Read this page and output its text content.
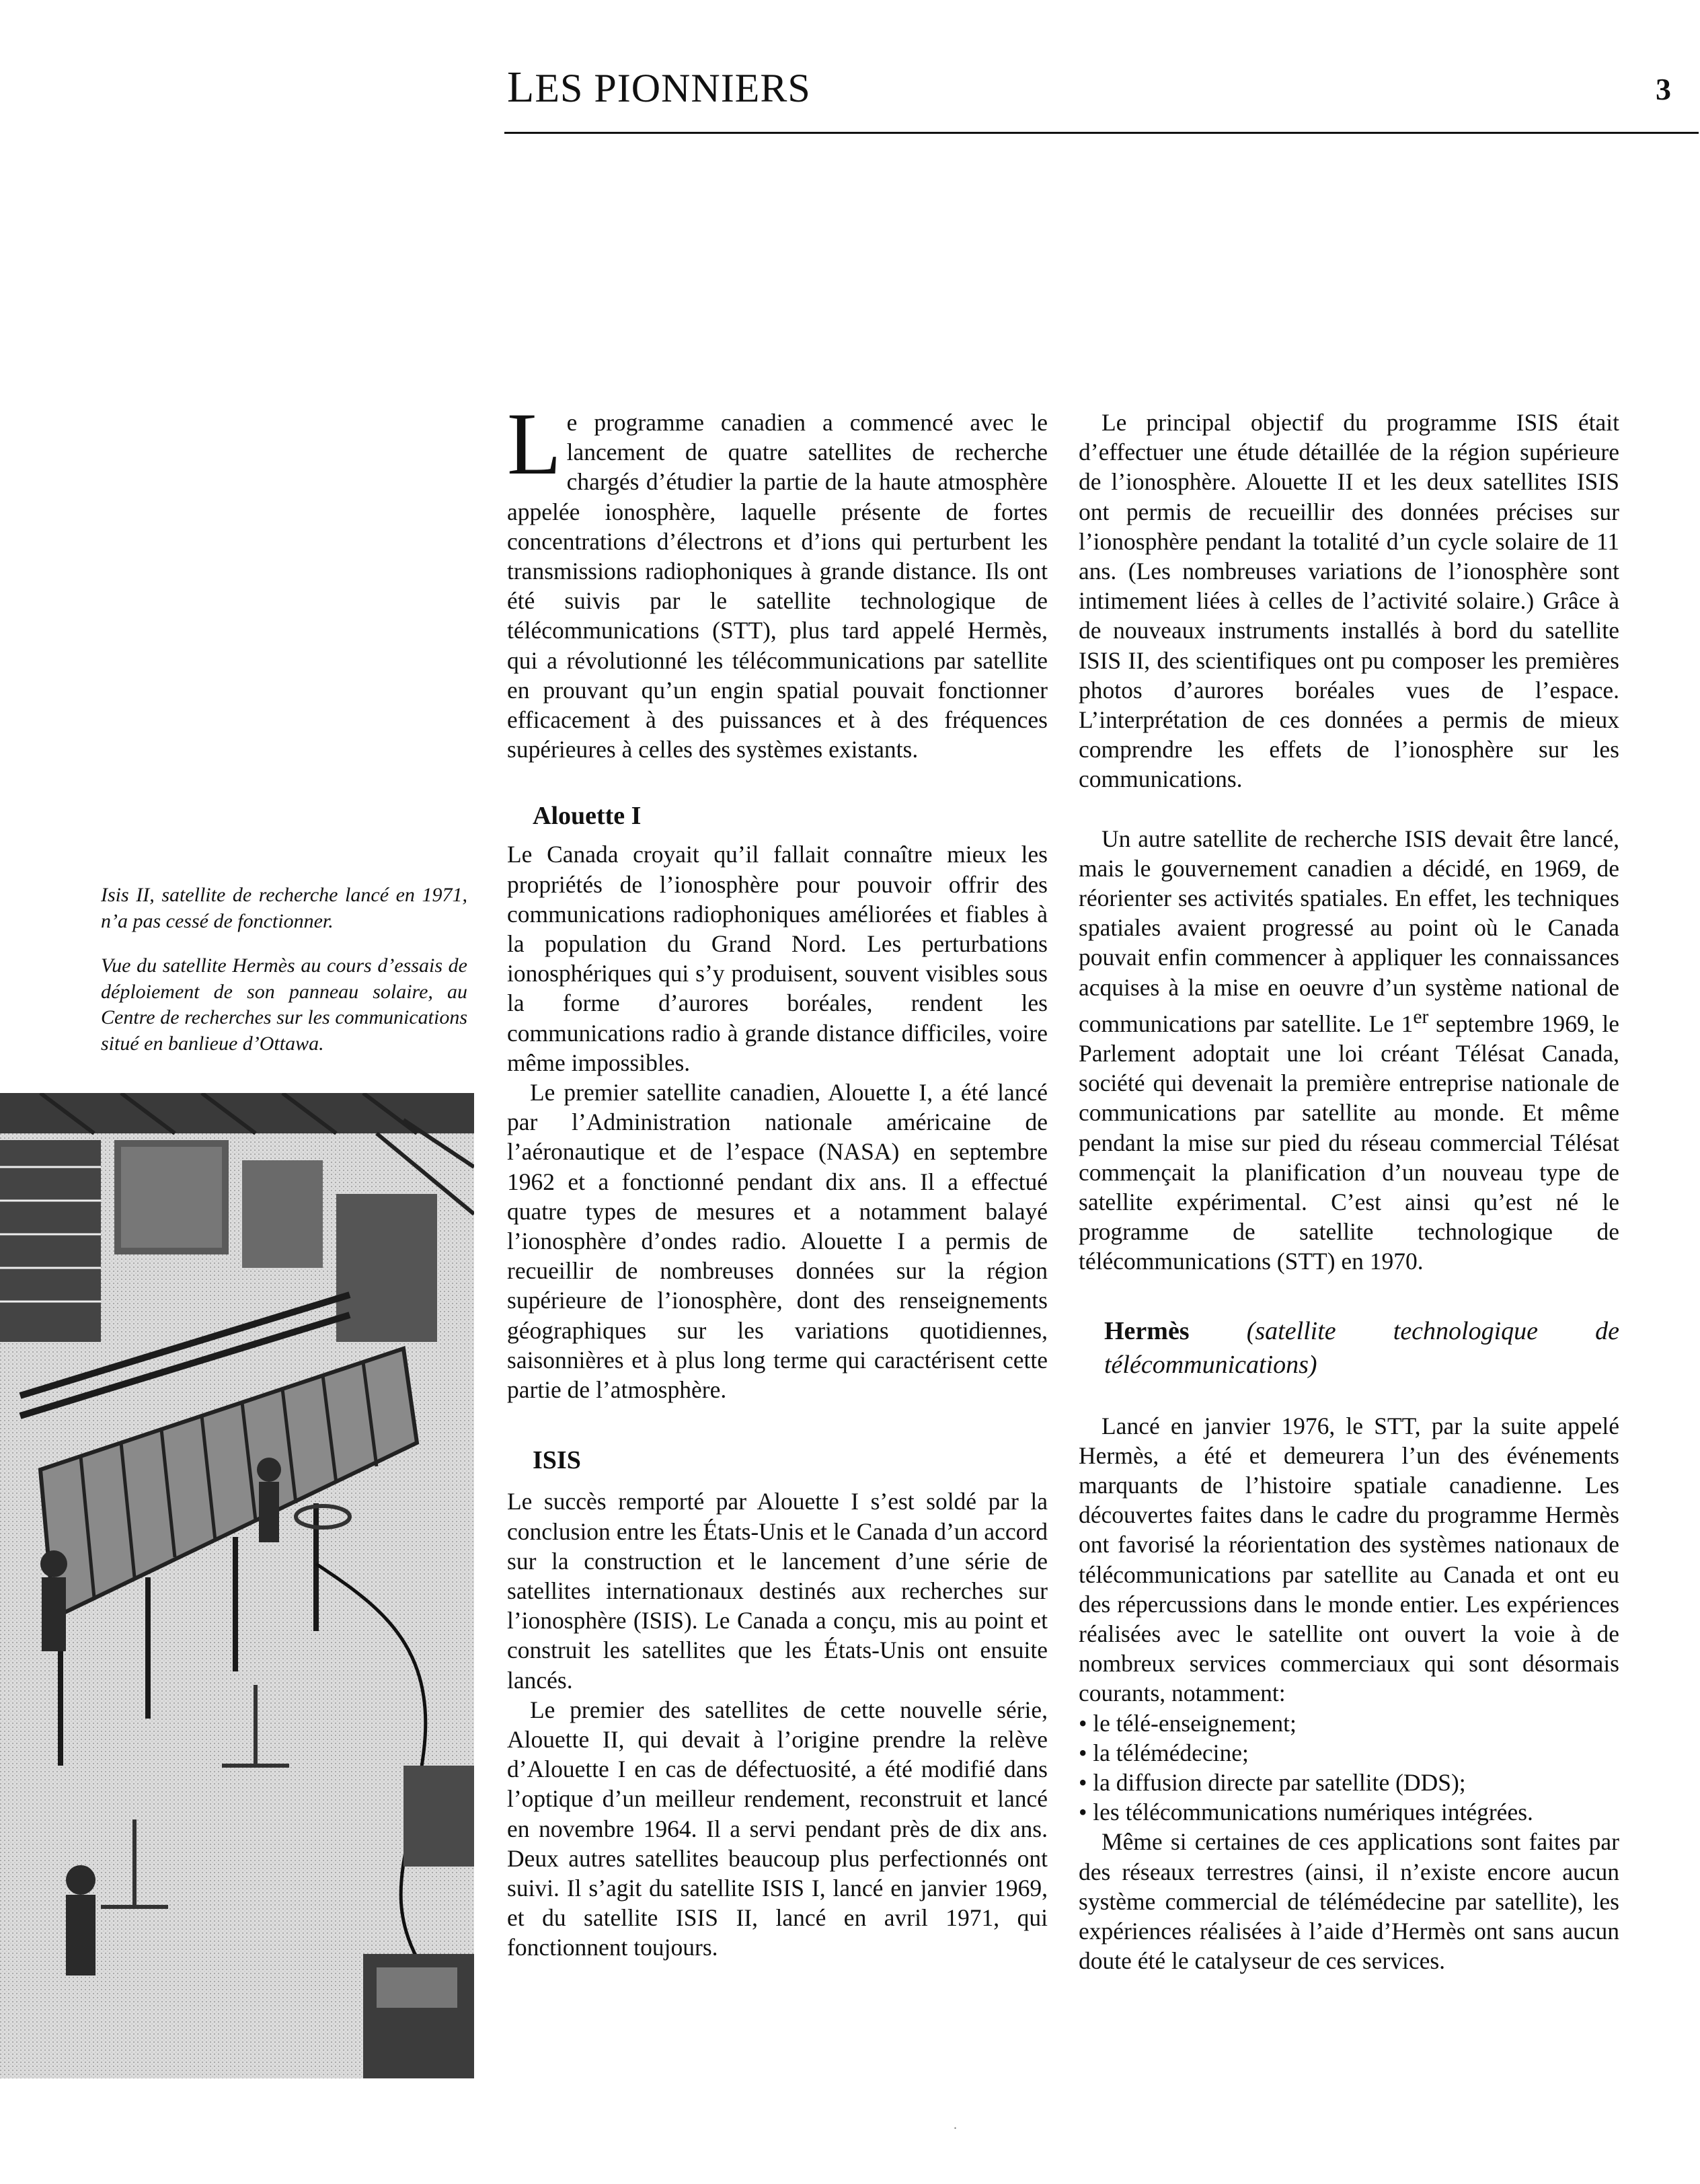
LES PIONNIERS	3
Isis II, satellite de recherche lancé en 1971, n’a pas cessé de fonctionner.
Vue du satellite Hermès au cours d’essais de déploiement de son panneau solaire, au Centre de recherches sur les communications situé en banlieue d’Ottawa.

Le programme canadien a commencé avec le lancement de quatre satellites de recherche chargés d’étudier la partie de la haute atmosphère appelée ionosphère, laquelle présente de fortes concentrations d’électrons et d’ions qui perturbent les transmissions radiophoniques à grande distance. Ils ont été suivis par le satellite technologique de télécommunications (STT), plus tard appelé Hermès, qui a révolutionné les télécommunications par satellite en prouvant qu’un engin spatial pouvait fonctionner efficacement à des puissances et à des fréquences supérieures à celles des systèmes existants.

Alouette I

Le Canada croyait qu’il fallait connaître mieux les propriétés de l’ionosphère pour pouvoir offrir des communications radiophoniques améliorées et fiables à la population du Grand Nord. Les perturbations ionosphériques qui s’y produisent, souvent visibles sous la forme d’aurores boréales, rendent les communications radio à grande distance difficiles, voire même impossibles.

Le premier satellite canadien, Alouette I, a été lancé par l’Administration nationale américaine de l’aéronautique et de l’espace (NASA) en septembre 1962 et a fonctionné pendant dix ans. Il a effectué quatre types de mesures et a notamment balayé l’ionosphère d’ondes radio. Alouette I a permis de recueillir de nombreuses données sur la région supérieure de l’ionosphère, dont des renseignements géographiques sur les variations quotidiennes, saisonnières et à plus long terme qui caractérisent cette partie de l’atmosphère.

ISIS

Le succès remporté par Alouette I s’est soldé par la conclusion entre les États-Unis et le Canada d’un accord sur la construction et le lancement d’une série de satellites internationaux destinés aux recherches sur l’ionosphère (ISIS). Le Canada a conçu, mis au point et construit les satellites que les États-Unis ont ensuite lancés.

Le premier des satellites de cette nouvelle série, Alouette II, qui devait à l’origine prendre la relève d’Alouette I en cas de défectuosité, a été modifié dans l’optique d’un meilleur rendement, reconstruit et lancé en novembre 1964. Il a servi pendant près de dix ans. Deux autres satellites beaucoup plus perfectionnés ont suivi. Il s’agit du satellite ISIS I, lancé en janvier 1969, et du satellite ISIS II, lancé en avril 1971, qui fonctionnent toujours.

Le principal objectif du programme ISIS était d’effectuer une étude détaillée de la région supérieure de l’ionosphère. Alouette II et les deux satellites ISIS ont permis de recueillir des données précises sur l’ionosphère pendant la totalité d’un cycle solaire de 11 ans. (Les nombreuses variations de l’ionosphère sont intimement liées à celles de l’activité solaire.) Grâce à de nouveaux instruments installés à bord du satellite ISIS II, des scientifiques ont pu composer les premières photos d’aurores boréales vues de l’espace. L’interprétation de ces données a permis de mieux comprendre les effets de l’ionosphère sur les communications.

Un autre satellite de recherche ISIS devait être lancé, mais le gouvernement canadien a décidé, en 1969, de réorienter ses activités spatiales. En effet, les techniques spatiales avaient progressé au point où le Canada pouvait enfin commencer à appliquer les connaissances acquises à la mise en oeuvre d’un système national de communications par satellite. Le 1er septembre 1969, le Parlement adoptait une loi créant Télésat Canada, société qui devenait la première entreprise nationale de communications par satellite au monde. Et même pendant la mise sur pied du réseau commercial Télésat commençait la planification d’un nouveau type de satellite expérimental. C’est ainsi qu’est né le programme de satellite technologique de télécommunications (STT) en 1970.

Hermès (satellite technologique de télécommunications)

Lancé en janvier 1976, le STT, par la suite appelé Hermès, a été et demeurera l’un des événements marquants de l’histoire spatiale canadienne. Les découvertes faites dans le cadre du programme Hermès ont favorisé la réorientation des systèmes nationaux de télécommunications par satellite au Canada et ont eu des répercussions dans le monde entier. Les expériences réalisées avec le satellite ont ouvert la voie à de nombreux services commerciaux qui sont désormais courants, notamment:

• le télé-enseignement;
• la télémédecine;
• la diffusion directe par satellite (DDS);
• les télécommunications numériques intégrées.

Même si certaines de ces applications sont faites par des réseaux terrestres (ainsi, il n’existe encore aucun système commercial de télémédecine par satellite), les expériences réalisées à l’aide d’Hermès ont sans aucun doute été le catalyseur de ces services.

.
